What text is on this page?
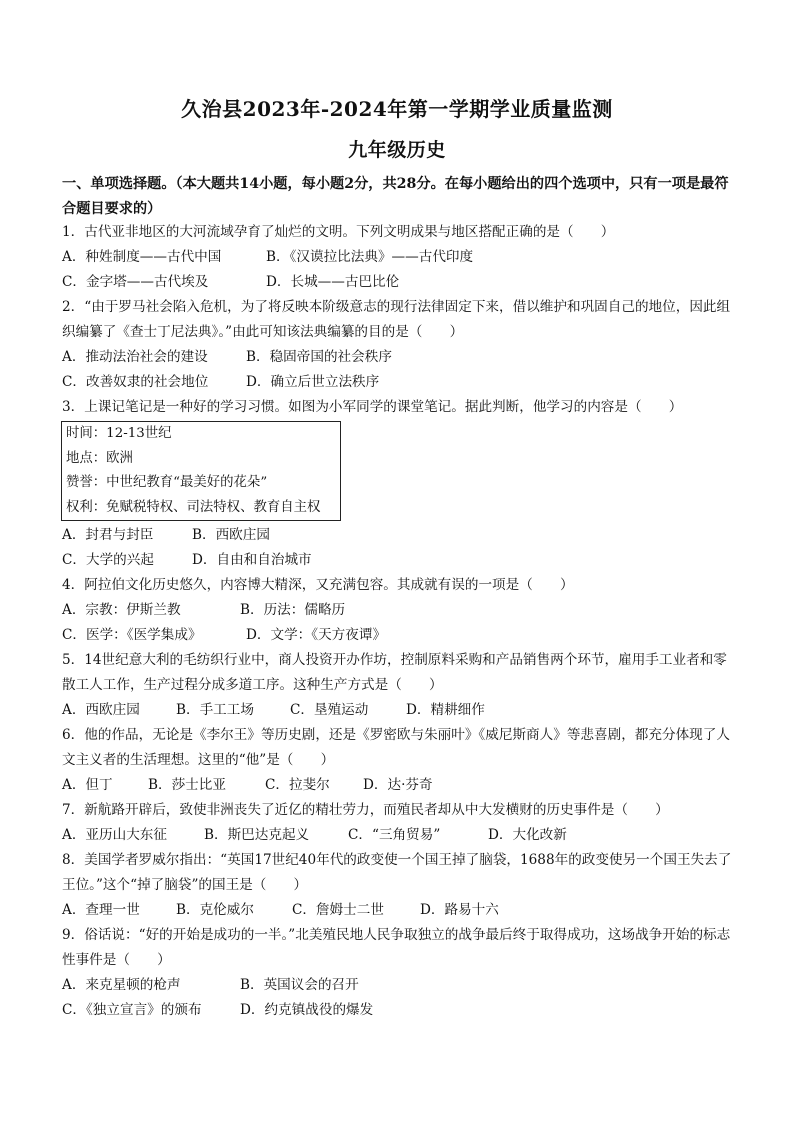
久治县2023年-2024年第一学期学业质量监测
九年级历史
一、单项选择题。（本大题共14小题，每小题2分，共28分。在每小题给出的四个选项中，只有一项是最符合题目要求的）
1．古代亚非地区的大河流域孕育了灿烂的文明。下列文明成果与地区搭配正确的是（　　）
A．种姓制度——古代中国	B．《汉谟拉比法典》——古代印度
C．金字塔——古代埃及	D．长城——古巴比伦
2．“由于罗马社会陷入危机，为了将反映本阶级意志的现行法律固定下来，借以维护和巩固自己的地位，因此组织编纂了《查士丁尼法典》。”由此可知该法典编纂的目的是（　　）
A．推动法治社会的建设	B．稳固帝国的社会秩序
C．改善奴隶的社会地位	D．确立后世立法秩序
3．上课记笔记是一种好的学习习惯。如图为小军同学的课堂笔记。据此判断，他学习的内容是（　　）
时间：12-13世纪
地点：欧洲
赞誉：中世纪教育“最美好的花朵”
权利：免赋税特权、司法特权、教育自主权
A．封君与封臣	B．西欧庄园
C．大学的兴起	D．自由和自治城市
4．阿拉伯文化历史悠久，内容博大精深，又充满包容。其成就有误的一项是（　　）
A．宗教：伊斯兰教	B．历法：儒略历
C．医学：《医学集成》	D．文学：《天方夜谭》
5．14世纪意大利的毛纺织行业中，商人投资开办作坊，控制原料采购和产品销售两个环节，雇用手工业者和零散工人工作，生产过程分成多道工序。这种生产方式是（　　）
A．西欧庄园	B．手工工场	C．垦殖运动	D．精耕细作
6．他的作品，无论是《李尔王》等历史剧，还是《罗密欧与朱丽叶》《威尼斯商人》等悲喜剧，都充分体现了人文主义者的生活理想。这里的“他”是（　　）
A．但丁	B．莎士比亚	C．拉斐尔	D．达·芬奇
7．新航路开辟后，致使非洲丧失了近亿的精壮劳力，而殖民者却从中大发横财的历史事件是（　　）
A．亚历山大东征	B．斯巴达克起义	C．“三角贸易”	D．大化改新
8．美国学者罗威尔指出：“英国17世纪40年代的政变使一个国王掉了脑袋，1688年的政变使另一个国王失去了王位。”这个“掉了脑袋”的国王是（　　）
A．查理一世	B．克伦威尔	C．詹姆士二世	D．路易十六
9．俗话说：“好的开始是成功的一半。”北美殖民地人民争取独立的战争最后终于取得成功，这场战争开始的标志性事件是（　　）
A．来克星顿的枪声	B．英国议会的召开
C．《独立宣言》的颁布	D．约克镇战役的爆发
